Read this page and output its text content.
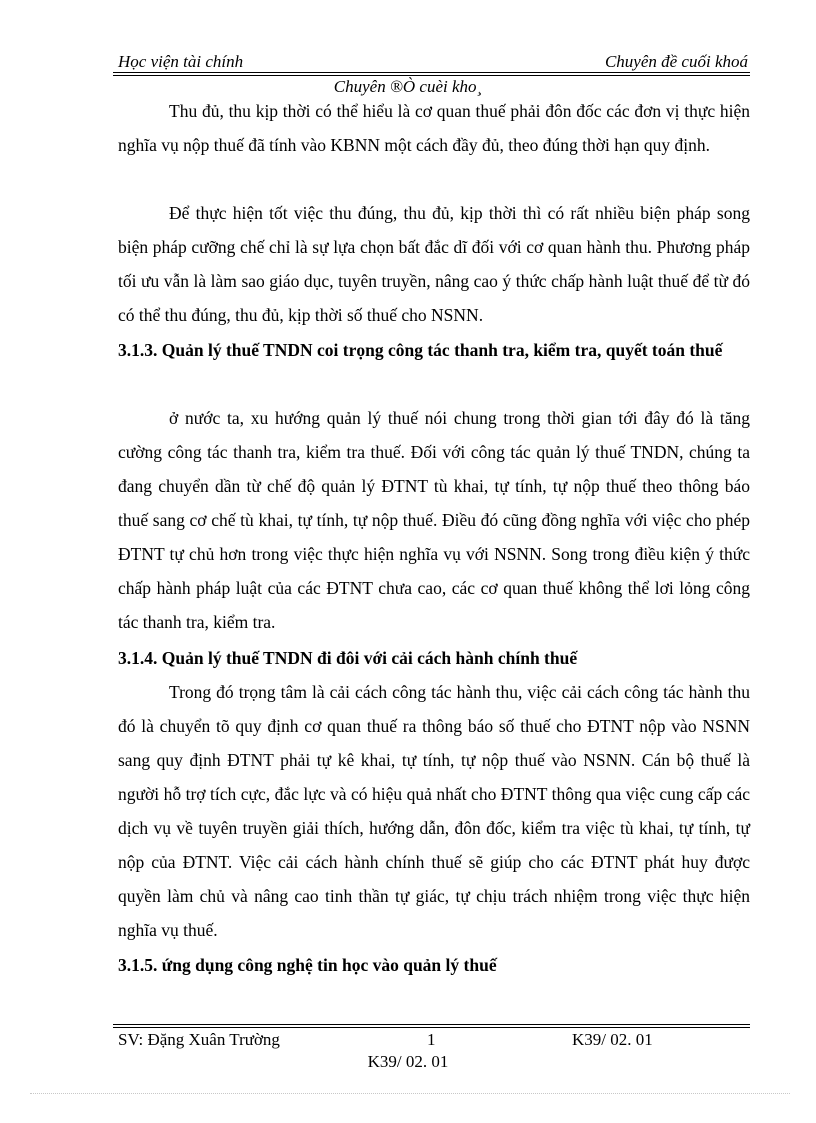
Học viện tài chính	Chuyên đề cuối khoá
Chuyên ®Ò cuèi kho¸
Thu đủ, thu kịp thời có thể hiểu là cơ quan thuế phải đôn đốc các đơn vị thực hiện nghĩa vụ nộp thuế đã tính vào KBNN một cách đầy đủ, theo đúng thời hạn quy định.
Để thực hiện tốt việc thu đúng, thu đủ, kịp thời thì có rất nhiều biện pháp song biện pháp cưỡng chế chỉ là sự lựa chọn bất đắc dĩ đối với cơ quan hành thu. Phương pháp tối ưu vẫn là làm sao giáo dục, tuyên truyền, nâng cao ý thức chấp hành luật thuế để từ đó có thể thu đúng, thu đủ, kịp thời số thuế cho NSNN.
3.1.3. Quản lý thuế TNDN coi trọng công tác thanh tra, kiểm tra, quyết toán thuế
ở nước ta, xu hướng quản lý thuế nói chung trong thời gian tới đây đó là tăng cường công tác thanh tra, kiểm tra thuế. Đối với công tác quản lý thuế TNDN, chúng ta đang chuyển dần từ chế độ quản lý ĐTNT tù khai, tự tính, tự nộp thuế theo thông báo thuế sang cơ chế tù khai, tự tính, tự nộp thuế. Điều đó cũng đồng nghĩa với việc cho phép ĐTNT tự chủ hơn trong việc thực hiện nghĩa vụ với NSNN. Song trong điều kiện ý thức chấp hành pháp luật của các ĐTNT chưa cao, các cơ quan thuế không thể lơi lỏng công tác thanh tra, kiểm tra.
3.1.4. Quản lý thuế TNDN đi đôi với cải cách hành chính thuế
Trong đó trọng tâm là cải cách công tác hành thu, việc cải cách công tác hành thu đó là chuyển tõ quy định cơ quan thuế ra thông báo số thuế cho ĐTNT nộp vào NSNN sang quy định ĐTNT phải tự kê khai, tự tính, tự nộp thuế vào NSNN. Cán bộ thuế là người hỗ trợ tích cực, đắc lực và có hiệu quả nhất cho ĐTNT thông qua việc cung cấp các dịch vụ về tuyên truyền giải thích, hướng dẫn, đôn đốc, kiểm tra việc tù khai, tự tính, tự nộp của ĐTNT. Việc cải cách hành chính thuế sẽ giúp cho các ĐTNT phát huy được quyền làm chủ và nâng cao tinh thần tự giác, tự chịu trách nhiệm trong việc thực hiện nghĩa vụ thuế.
3.1.5. ứng dụng công nghệ tin học vào quản lý thuế
SV: Đặng Xuân Trường	1	K39/ 02. 01
K39/ 02. 01
